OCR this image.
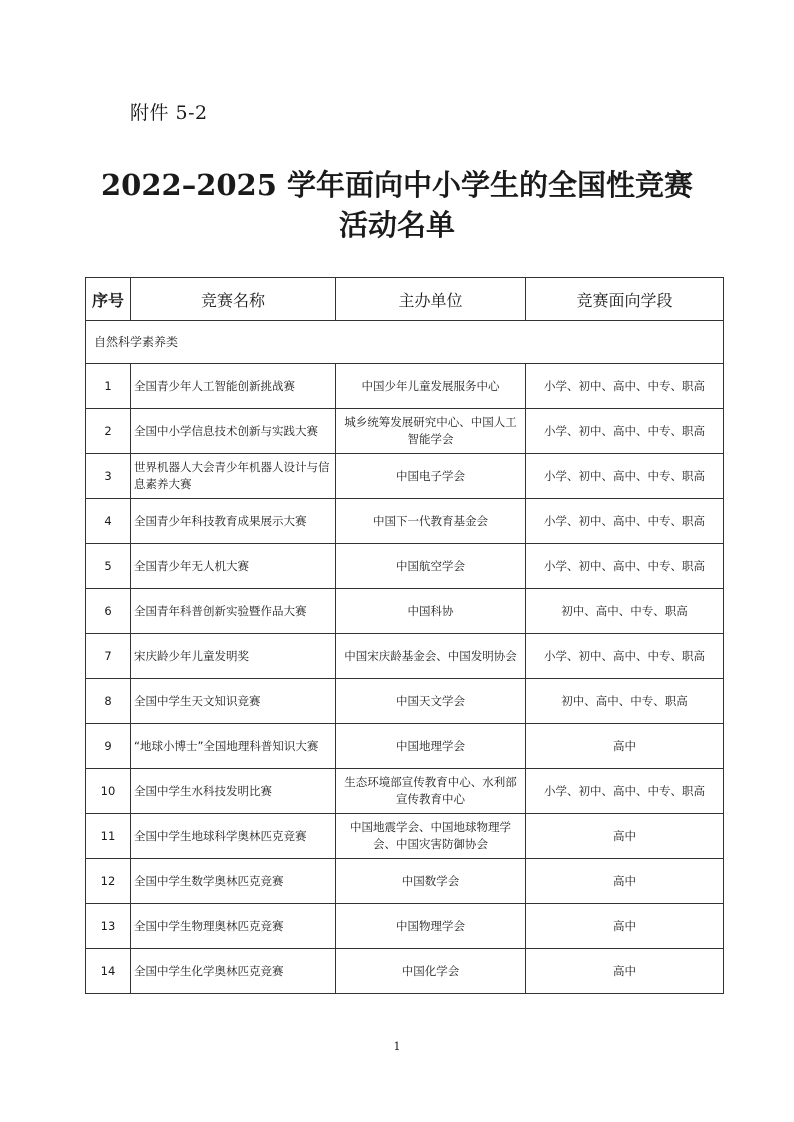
附件 5-2
2022–2025 学年面向中小学生的全国性竞赛
活动名单
序号	竞赛名称	主办单位	竞赛面向学段
自然科学素养类			
1	全国青少年人工智能创新挑战赛	中国少年儿童发展服务中心	小学、初中、高中、中专、职高
2	全国中小学信息技术创新与实践大赛	城乡统筹发展研究中心、中国人工智能学会	小学、初中、高中、中专、职高
3	世界机器人大会青少年机器人设计与信息素养大赛	中国电子学会	小学、初中、高中、中专、职高
4	全国青少年科技教育成果展示大赛	中国下一代教育基金会	小学、初中、高中、中专、职高
5	全国青少年无人机大赛	中国航空学会	小学、初中、高中、中专、职高
6	全国青年科普创新实验暨作品大赛	中国科协	初中、高中、中专、职高
7	宋庆龄少年儿童发明奖	中国宋庆龄基金会、中国发明协会	小学、初中、高中、中专、职高
8	全国中学生天文知识竞赛	中国天文学会	初中、高中、中专、职高
9	“地球小博士”全国地理科普知识大赛	中国地理学会	高中
10	全国中学生水科技发明比赛	生态环境部宣传教育中心、水利部宣传教育中心	小学、初中、高中、中专、职高
11	全国中学生地球科学奥林匹克竞赛	中国地震学会、中国地球物理学会、中国灾害防御协会	高中
12	全国中学生数学奥林匹克竞赛	中国数学会	高中
13	全国中学生物理奥林匹克竞赛	中国物理学会	高中
14	全国中学生化学奥林匹克竞赛	中国化学会	高中
1
